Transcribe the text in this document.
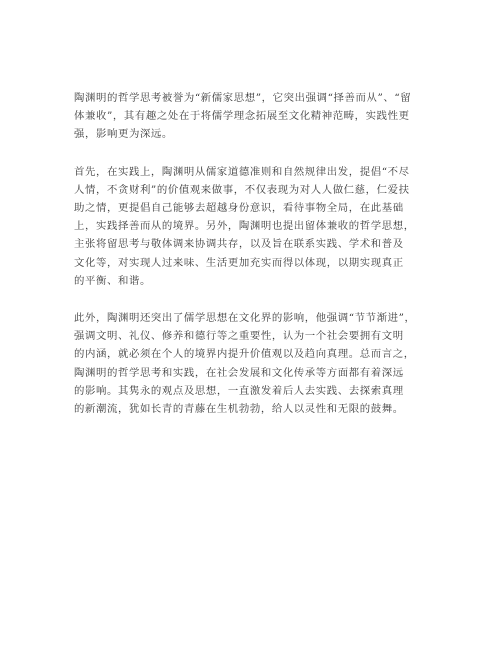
陶渊明的哲学思考被誉为“新儒家思想”，它突出强调“择善而从”、“留
体兼收”，其有趣之处在于将儒学理念拓展至文化精神范畴，实践性更
强，影响更为深远。

首先，在实践上，陶渊明从儒家道德准则和自然规律出发，提倡“不尽
人情，不贪财利”的价值观来做事，不仅表现为对人人做仁慈，仁爱扶
助之情，更提倡自己能够去超越身份意识，看待事物全局，在此基础
上，实践择善而从的境界。另外，陶渊明也提出留体兼收的哲学思想，
主张将留思考与敬体调来协调共存，以及旨在联系实践、学术和普及
文化等，对实现人过来味、生活更加充实而得以体现，以期实现真正
的平衡、和谐。

此外，陶渊明还突出了儒学思想在文化界的影响，他强调“节节渐进”，
强调文明、礼仪、修养和德行等之重要性，认为一个社会要拥有文明
的内涵，就必须在个人的境界内提升价值观以及趋向真理。总而言之，
陶渊明的哲学思考和实践，在社会发展和文化传承等方面都有着深远
的影响。其隽永的观点及思想，一直激发着后人去实践、去探索真理
的新潮流，犹如长青的青藤在生机勃勃，给人以灵性和无限的鼓舞。
